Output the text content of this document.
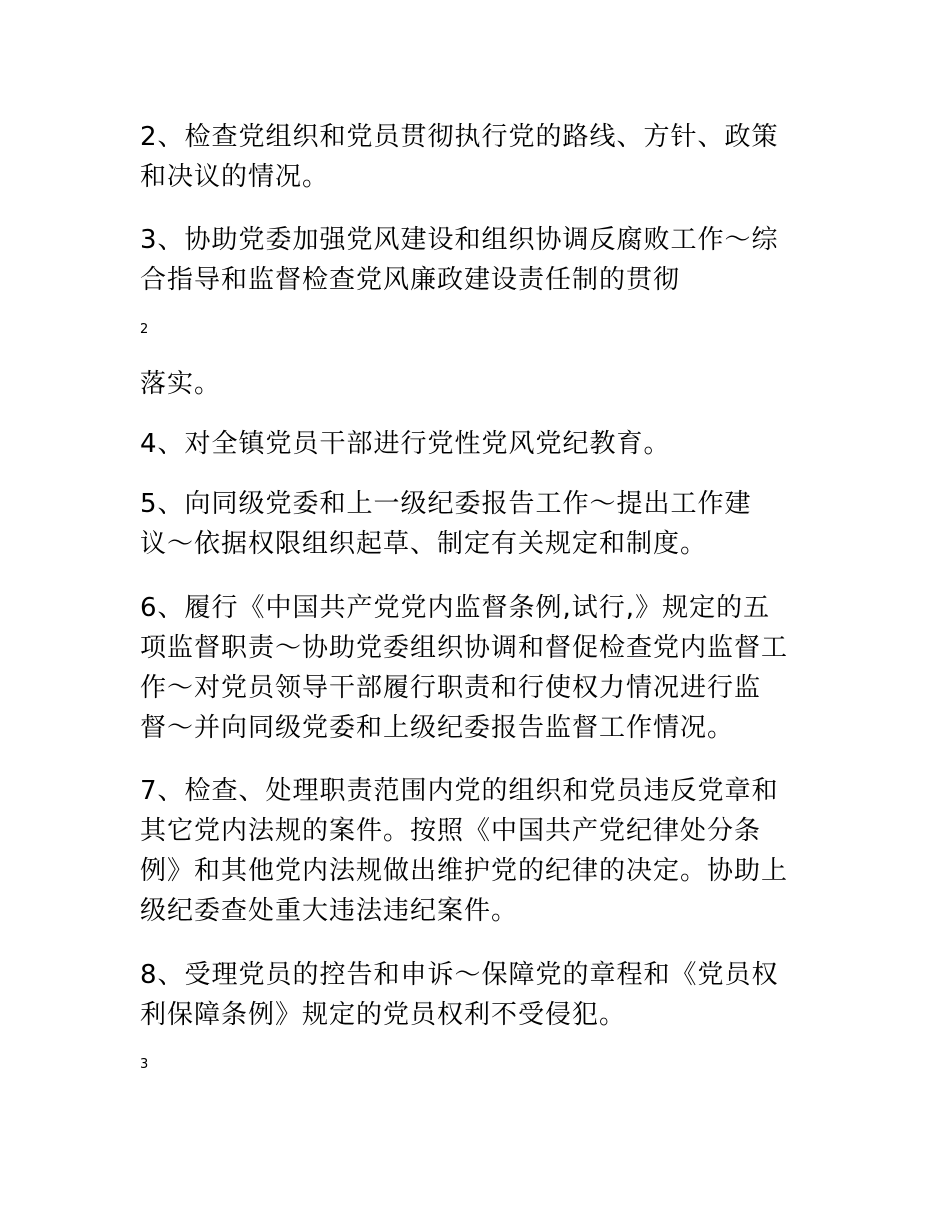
2、检查党组织和党员贯彻执行党的路线、方针、政策
和决议的情况。
3、协助党委加强党风建设和组织协调反腐败工作～综
合指导和监督检查党风廉政建设责任制的贯彻
2
落实。
4、对全镇党员干部进行党性党风党纪教育。
5、向同级党委和上一级纪委报告工作～提出工作建
议～依据权限组织起草、制定有关规定和制度。
6、履行《中国共产党党内监督条例,试行,》规定的五
项监督职责～协助党委组织协调和督促检查党内监督工
作～对党员领导干部履行职责和行使权力情况进行监
督～并向同级党委和上级纪委报告监督工作情况。
7、检查、处理职责范围内党的组织和党员违反党章和
其它党内法规的案件。按照《中国共产党纪律处分条
例》和其他党内法规做出维护党的纪律的决定。协助上
级纪委查处重大违法违纪案件。
8、受理党员的控告和申诉～保障党的章程和《党员权
利保障条例》规定的党员权利不受侵犯。
3
